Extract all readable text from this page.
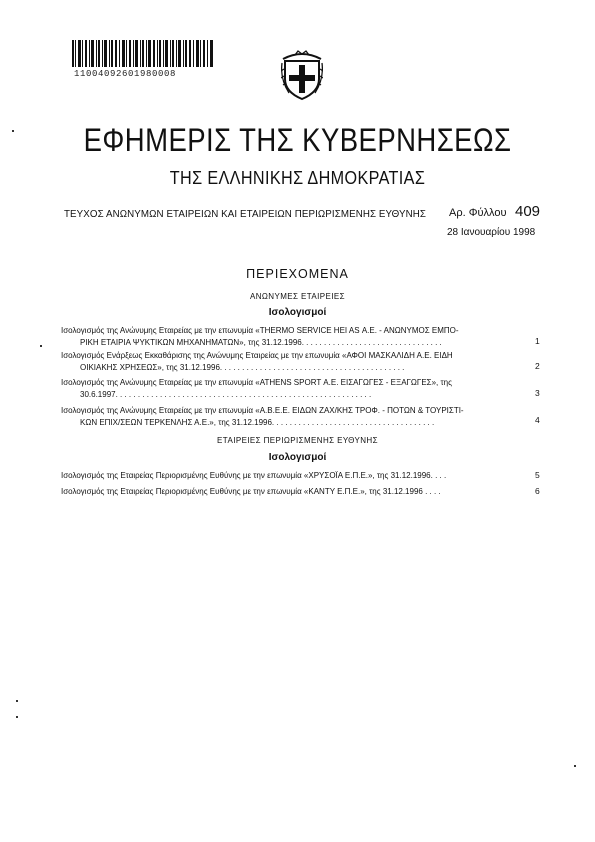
11004092601980008
ΕΦΗΜΕΡΙΣ ΤΗΣ ΚΥΒΕΡΝΗΣΕΩΣ
ΤΗΣ ΕΛΛΗΝΙΚΗΣ ΔΗΜΟΚΡΑΤΙΑΣ
ΤΕΥΧΟΣ ΑΝΩΝΥΜΩΝ ΕΤΑΙΡΕΙΩΝ ΚΑΙ ΕΤΑΙΡΕΙΩΝ ΠΕΡΙΩΡΙΣΜΕΝΗΣ ΕΥΘΥΝΗΣ Αρ. Φύλλου 409
28 Ιανουαρίου 1998
ΠΕΡΙΕΧΟΜΕΝΑ
ΑΝΩΝΥΜΕΣ ΕΤΑΙΡΕΙΕΣ
Ισολογισμοί
Ισολογισμός της Ανώνυμης Εταιρείας με την επωνυμία «THERMO SERVICE ΗΕΙ ΑS Α.Ε. - ΑΝΩΝΥΜΟΣ ΕΜΠΟ-
ΡΙΚΗ ΕΤΑΙΡΙΑ ΨΥΚΤΙΚΩΝ ΜΗΧΑΝΗΜΑΤΩΝ», της 31.12.1996. . . . . . . . . . . . . . . . . . . . . . . . . . . . . . . .	1
Ισολογισμός Ενάρξεως Εκκαθάρισης της Ανώνυμης Εταιρείας με την επωνυμία «ΑΦΟΙ ΜΑΣΚΑΛΙΔΗ Α.Ε. ΕΙΔΗ
ΟΙΚΙΑΚΗΣ ΧΡΗΣΕΩΣ», της 31.12.1996. . . . . . . . . . . . . . . . . . . . . . . . . . . . . . . . . . . . . . . . . .	2
Ισολογισμός της Ανώνυμης Εταιρείας με την επωνυμία «ATHENS SPORT Α.Ε. ΕΙΣΑΓΩΓΕΣ - ΕΞΑΓΩΓΕΣ», της
30.6.1997. . . . . . . . . . . . . . . . . . . . . . . . . . . . . . . . . . . . . . . . . . . . . . . . . . . . . . . . . .	3
Ισολογισμός της Ανώνυμης Εταιρείας με την επωνυμία «Α.Β.Ε.Ε. ΕΙΔΩΝ ΖΑΧ/ΚΗΣ ΤΡΟΦ. - ΠΟΤΩΝ & ΤΟΥΡΙΣΤΙ-
ΚΩΝ ΕΠΙΧ/ΣΕΩΝ ΤΕΡΚΕΝΛΗΣ Α.Ε.», της 31.12.1996. . . . . . . . . . . . . . . . . . . . . . . . . . . . . . . . . . . . .	4
ΕΤΑΙΡΕΙΕΣ ΠΕΡΙΩΡΙΣΜΕΝΗΣ ΕΥΘΥΝΗΣ
Ισολογισμοί
Ισολογισμός της Εταιρείας Περιορισμένης Ευθύνης με την επωνυμία «ΧΡΥΣΟΪΑ Ε.Π.Ε.», της 31.12.1996. . . .	5
Ισολογισμός της Εταιρείας Περιορισμένης Ευθύνης με την επωνυμία «ΚΑΝΤΥ Ε.Π.Ε.», της 31.12.1996 . . . .	6
